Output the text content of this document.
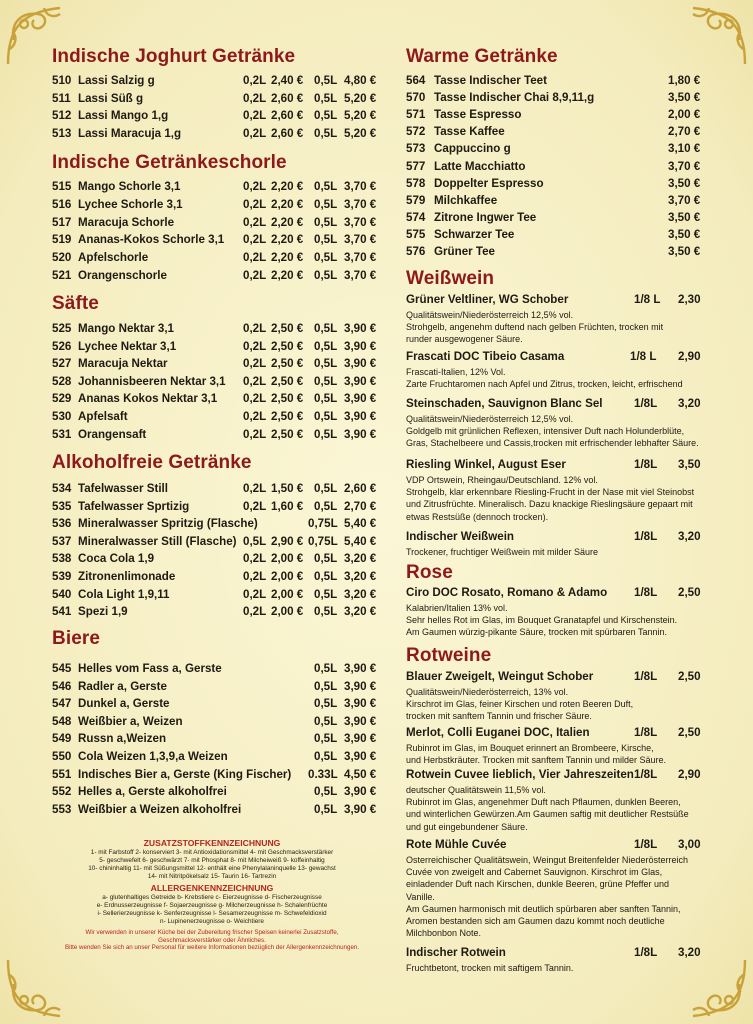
Indische Joghurt Getränke
510 Lassi Salzig g	0,2L 2,40 € 0,5L 4,80 €
511 Lassi Süß g	0,2L 2,60 € 0,5L 5,20 €
512 Lassi Mango 1,g	0,2L 2,60 € 0,5L 5,20 €
513 Lassi Maracuja 1,g	0,2L 2,60 € 0,5L 5,20 €
Indische Getränkeschorle
515 Mango Schorle 3,1	0,2L 2,20 € 0,5L 3,70 €
516 Lychee Schorle 3,1	0,2L 2,20 € 0,5L 3,70 €
517 Maracuja Schorle	0,2L 2,20 € 0,5L 3,70 €
519 Ananas-Kokos Schorle 3,1 0,2L 2,20 € 0,5L 3,70 €
520 Apfelschorle	0,2L 2,20 € 0,5L 3,70 €
521 Orangenschorle	0,2L 2,20 € 0,5L 3,70 €
Säfte
525 Mango Nektar 3,1	0,2L 2,50 € 0,5L 3,90 €
526 Lychee Nektar 3,1	0,2L 2,50 € 0,5L 3,90 €
527 Maracuja Nektar	0,2L 2,50 € 0,5L 3,90 €
528 Johannisbeeren Nektar 3,1 0,2L 2,50 € 0,5L 3,90 €
529 Ananas Kokos Nektar 3,1 0,2L 2,50 € 0,5L 3,90 €
530 Apfelsaft	0,2L 2,50 € 0,5L 3,90 €
531 Orangensaft	0,2L 2,50 € 0,5L 3,90 €
Alkoholfreie Getränke
534 Tafelwasser Still	0,2L 1,50 € 0,5L 2,60 €
535 Tafelwasser Sprtizig	0,2L 1,60 € 0,5L 2,70 €
536 Mineralwasser Spritzig (Flasche)	0,75L 5,40 €
537 Mineralwasser Still (Flasche) 0,5L 2,90 € 0,75L 5,40 €
538 Coca Cola 1,9	0,2L 2,00 € 0,5L 3,20 €
539 Zitronenlimonade	0,2L 2,00 € 0,5L 3,20 €
540 Cola Light 1,9,11	0,2L 2,00 € 0,5L 3,20 €
541 Spezi 1,9	0,2L 2,00 € 0,5L 3,20 €
Biere
545 Helles vom Fass a, Gerste	0,5L 3,90 €
546 Radler a, Gerste	0,5L 3,90 €
547 Dunkel a, Gerste	0,5L 3,90 €
548 Weißbier a, Weizen	0,5L 3,90 €
549 Russn a,Weizen	0,5L 3,90 €
550 Cola Weizen 1,3,9,a Weizen	0,5L 3,90 €
551 Indisches Bier a, Gerste (King Fischer) 0.33L 4,50 €
552 Helles a, Gerste alkoholfrei	0,5L 3,90 €
553 Weißbier a Weizen alkoholfrei	0,5L 3,90 €
Warme Getränke
564 Tasse Indischer Teet	1,80 €
570 Tasse Indischer Chai 8,9,11,g	3,50 €
571 Tasse Espresso	2,00 €
572 Tasse Kaffee	2,70 €
573 Cappuccino g	3,10 €
577 Latte Macchiatto	3,70 €
578 Doppelter Espresso	3,50 €
579 Milchkaffee	3,70 €
574 Zitrone Ingwer Tee	3,50 €
575 Schwarzer Tee	3,50 €
576 Grüner Tee	3,50 €
Weißwein
Grüner Veltliner, WG Schober	1/8 L 2,30
Qualitätswein/Niederösterreich 12,5% vol.
Strohgelb, angenehm duftend nach gelben Früchten, trocken mit
runder ausgewogener Säure.
Frascati DOC Tibeio Casama	1/8 L 2,90
Frascati-Italien, 12% Vol.
Zarte Fruchtaromen nach Apfel und Zitrus, trocken, leicht, erfrischend
Steinschaden, Sauvignon Blanc Sel	1/8L 3,20
Qualitätswein/Niederösterreich 12,5% vol.
Goldgelb mit grünlichen Reflexen, intensiver Duft nach Holunderblüte,
Gras, Stachelbeere und Cassis,trocken mit erfrischender lebhafter Säure.
Riesling Winkel, August Eser	1/8L 3,50
VDP Ortswein, Rheingau/Deutschland. 12% vol.
Strohgelb, klar erkennbare Riesling-Frucht in der Nase mit viel Steinobst
und Zitrusfrüchte. Mineralisch. Dazu knackige Rieslingsäure gepaart mit
etwas Restsüße (dennoch trocken).
Indischer Weißwein	1/8L 3,20
Trockener, fruchtiger Weißwein mit milder Säure
Rose
Ciro DOC Rosato, Romano & Adamo 1/8L 2,50
Kalabrien/Italien 13% vol.
Sehr helles Rot im Glas, im Bouquet Granatapfel und Kirschenstein.
Am Gaumen würzig-pikante Säure, trocken mit spürbaren Tannin.
Rotweine
Blauer Zweigelt, Weingut Schober	1/8L 2,50
Qualitätswein/Niederösterreich, 13% vol.
Kirschrot im Glas, feiner Kirschen und roten Beeren Duft,
trocken mit sanftem Tannin und frischer Säure.
Merlot, Colli Euganei DOC, Italien	1/8L 2,50
Rubinrot im Glas, im Bouquet erinnert an Brombeere, Kirsche,
und Herbstkräuter. Trocken mit sanftem Tannin und milder Säure.
Rotwein Cuvee lieblich, Vier Jahreszeiten 1/8L 2,90
deutscher Qualitätswein 11,5% vol.
Rubinrot im Glas, angenehmer Duft nach Pflaumen, dunklen Beeren,
und winterlichen Gewürzen.Am Gaumen saftig mit deutlicher Restsüße
und gut eingebundener Säure.
Rote Mühle Cuvée	1/8L 3,00
Osterreichischer Qualitätswein, Weingut Breitenfelder Niederösterreich
Cuvée von zweigelt and Cabernet Sauvignon. Kirschrot im Glas,
einladender Duft nach Kirschen, dunkle Beeren, grüne Pfeffer und
Vanille.
Am Gaumen harmonisch mit deutlich spürbaren aber sanften Tannin,
Aromen bestanden sich am Gaumen dazu kommt noch deutliche
Milchbonbon Note.
Indischer Rotwein	1/8L 3,20
Fruchtbetont, trocken mit saftigem Tannin.
ZUSATZSTOFFKENNZEICHNUNG
1- mit Farbstoff 2- konserviert 3- mit Antioxidationsmittel 4- mit Geschmacksverstärker
5- geschwefelt 6- geschwärzt 7- mit Phosphat 8- mit Milcheiweiß 9- koffeinhaltig
10- chininhaltig 11- mit Süßungsmittel 12- enthält eine Phenylalaninquelle 13- gewachst
14- mit Nitritpökelsalz 15- Taurin 16- Tartrezin
ALLERGENKENNZEICHNUNG
a- glutenhaltiges Getreide b- Krebstiere c- Eierzeugnisse d- Fischerzeugnisse
e- Erdnusserzeugnisse f- Sojaerzeugnisse g- Milcherzeugnisse h- Schalenfrüchte
i- Sellerierzeugnisse k- Senferzeugnisse l- Sesamerzeugnisse m- Schwefeldioxid
n- Lupinenerzeugnisse o- Weichtiere
Wir verwenden in unserer Küche bei der Zubereitung frischer Speisen keinerlei Zusatzstoffe,
Geschmacksverstärker oder Ähnliches.
Bitte wenden Sie sich an unser Personal für weitere Informationen bezüglich der Allergenkennzeichnungen.
